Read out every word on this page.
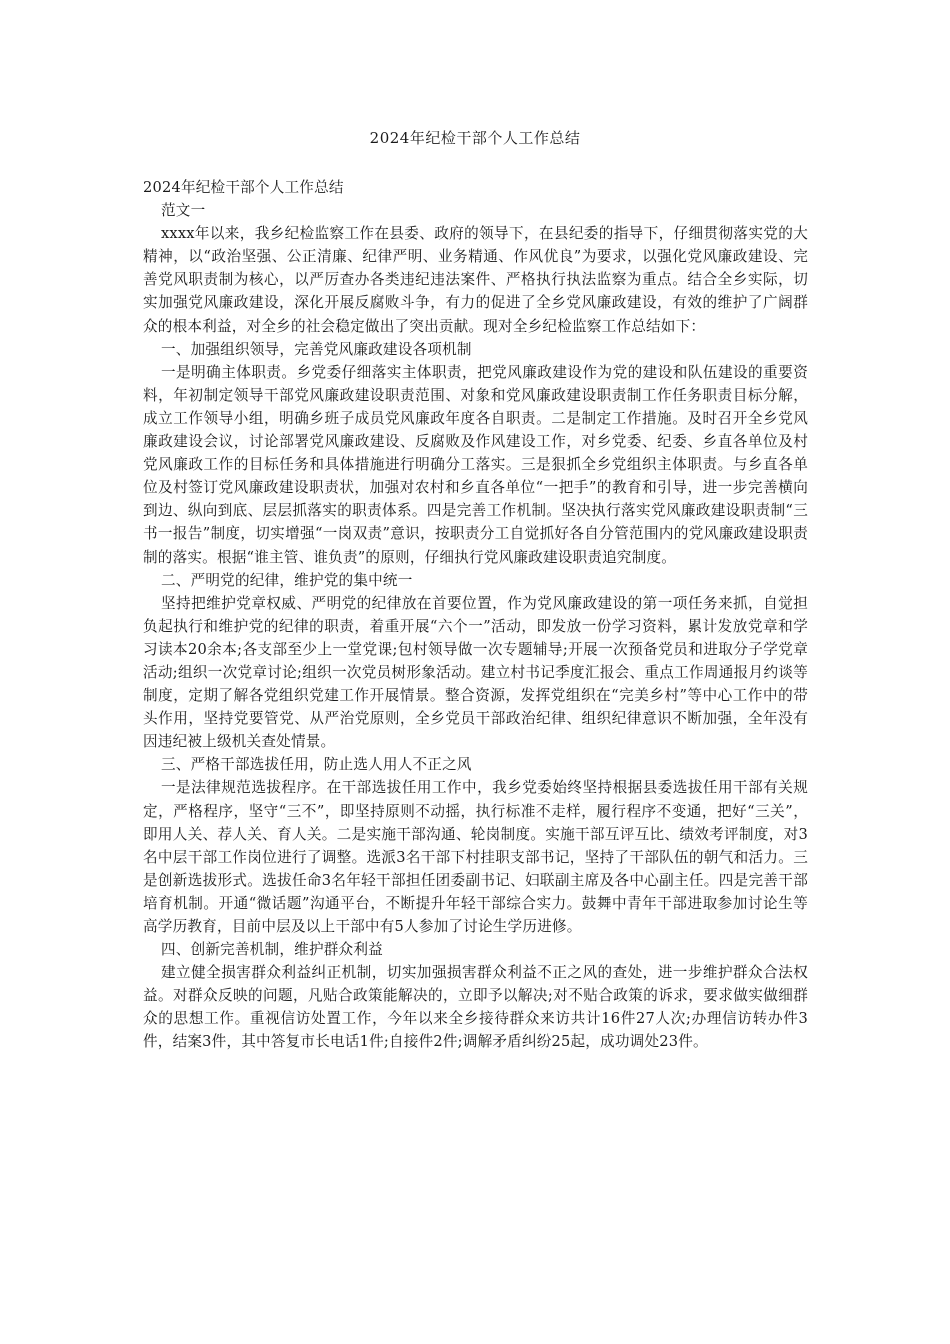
2024年纪检干部个人工作总结

2024年纪检干部个人工作总结

范文一

xxxx年以来，我乡纪检监察工作在县委、政府的领导下，在县纪委的指导下，仔细贯彻落实党的大精神，以“政治坚强、公正清廉、纪律严明、业务精通、作风优良”为要求，以强化党风廉政建设、完善党风职责制为核心，以严厉查办各类违纪违法案件、严格执行执法监察为重点。结合全乡实际，切实加强党风廉政建设，深化开展反腐败斗争，有力的促进了全乡党风廉政建设，有效的维护了广阔群众的根本利益，对全乡的社会稳定做出了突出贡献。现对全乡纪检监察工作总结如下：

一、加强组织领导，完善党风廉政建设各项机制

一是明确主体职责。乡党委仔细落实主体职责，把党风廉政建设作为党的建设和队伍建设的重要资料，年初制定领导干部党风廉政建设职责范围、对象和党风廉政建设职责制工作任务职责目标分解，成立工作领导小组，明确乡班子成员党风廉政年度各自职责。二是制定工作措施。及时召开全乡党风廉政建设会议，讨论部署党风廉政建设、反腐败及作风建设工作，对乡党委、纪委、乡直各单位及村党风廉政工作的目标任务和具体措施进行明确分工落实。三是狠抓全乡党组织主体职责。与乡直各单位及村签订党风廉政建设职责状，加强对农村和乡直各单位“一把手”的教育和引导，进一步完善横向到边、纵向到底、层层抓落实的职责体系。四是完善工作机制。坚决执行落实党风廉政建设职责制“三书一报告”制度，切实增强“一岗双责”意识，按职责分工自觉抓好各自分管范围内的党风廉政建设职责制的落实。根据“谁主管、谁负责”的原则，仔细执行党风廉政建设职责追究制度。

二、严明党的纪律，维护党的集中统一

坚持把维护党章权威、严明党的纪律放在首要位置，作为党风廉政建设的第一项任务来抓，自觉担负起执行和维护党的纪律的职责，着重开展“六个一”活动，即发放一份学习资料，累计发放党章和学习读本20余本;各支部至少上一堂党课;包村领导做一次专题辅导;开展一次预备党员和进取分子学党章活动;组织一次党章讨论;组织一次党员树形象活动。建立村书记季度汇报会、重点工作周通报月约谈等制度，定期了解各党组织党建工作开展情景。整合资源，发挥党组织在“完美乡村”等中心工作中的带头作用，坚持党要管党、从严治党原则，全乡党员干部政治纪律、组织纪律意识不断加强，全年没有因违纪被上级机关查处情景。

三、严格干部选拔任用，防止选人用人不正之风

一是法律规范选拔程序。在干部选拔任用工作中，我乡党委始终坚持根据县委选拔任用干部有关规定，严格程序，坚守“三不”，即坚持原则不动摇，执行标准不走样，履行程序不变通，把好“三关”，即用人关、荐人关、育人关。二是实施干部沟通、轮岗制度。实施干部互评互比、绩效考评制度，对3名中层干部工作岗位进行了调整。选派3名干部下村挂职支部书记，坚持了干部队伍的朝气和活力。三是创新选拔形式。选拔任命3名年轻干部担任团委副书记、妇联副主席及各中心副主任。四是完善干部培育机制。开通“微话题”沟通平台，不断提升年轻干部综合实力。鼓舞中青年干部进取参加讨论生等高学历教育，目前中层及以上干部中有5人参加了讨论生学历进修。

四、创新完善机制，维护群众利益

建立健全损害群众利益纠正机制，切实加强损害群众利益不正之风的查处，进一步维护群众合法权益。对群众反映的问题，凡贴合政策能解决的，立即予以解决;对不贴合政策的诉求，要求做实做细群众的思想工作。重视信访处置工作，今年以来全乡接待群众来访共计16件27人次;办理信访转办件3件，结案3件，其中答复市长电话1件;自接件2件;调解矛盾纠纷25起，成功调处23件。
